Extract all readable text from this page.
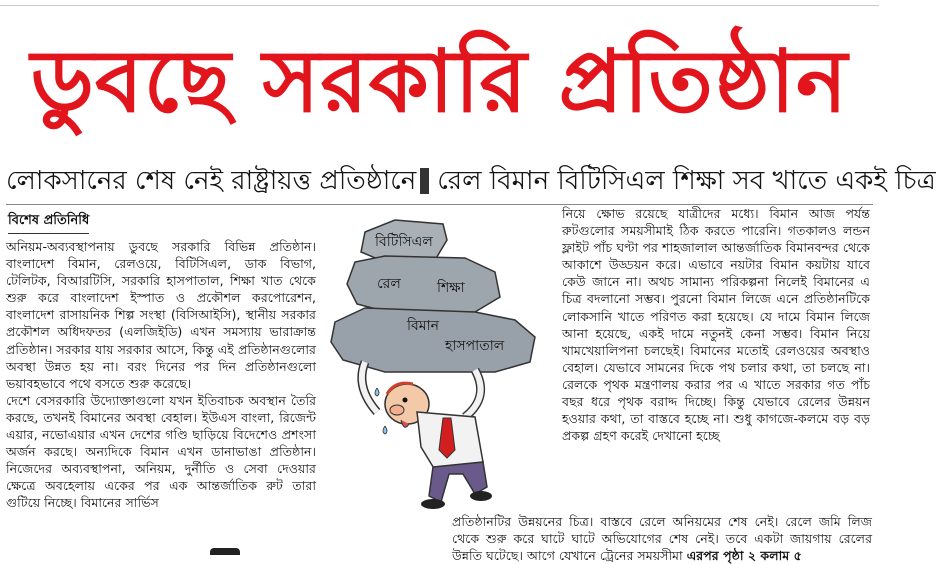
ডুবছে সরকারি প্রতিষ্ঠান
লোকসানের শেষ নেই রাষ্ট্রায়ত্ত প্রতিষ্ঠানে রেল বিমান বিটিসিএল শিক্ষা সব খাতে একই চিত্র
বিশেষ প্রতিনিধি

অনিয়ম-অব্যবস্থাপনায় ডুবছে সরকারি বিভিন্ন প্রতিষ্ঠান। বাংলাদেশ বিমান, রেলওয়ে, বিটিসিএল, ডাক বিভাগ, টেলিটক, বিআরটিসি, সরকারি হাসপাতাল, শিক্ষা খাত থেকে শুরু করে বাংলাদেশ ইস্পাত ও প্রকৌশল করপোরেশন, বাংলাদেশ রাসায়নিক শিল্প সংস্থা (বিসিআইসি), স্থানীয় সরকার প্রকৌশল অধিদফতর (এলজিইডি) এখন সমস্যায় ভারাক্রান্ত প্রতিষ্ঠান। সরকার যায় সরকার আসে, কিন্তু এই প্রতিষ্ঠানগুলোর অবস্থা উন্নত হয় না। বরং দিনের পর দিন প্রতিষ্ঠানগুলো ভয়াবহভাবে পথে বসতে শুরু করেছে।

দেশে বেসরকারি উদ্যোক্তাগুলো যখন ইতিবাচক অবস্থান তৈরি করছে, তখনই বিমানের অবস্থা বেহাল। ইউএস বাংলা, রিজেন্ট এয়ার, নভোএয়ার এখন দেশের গণ্ডি ছাড়িয়ে বিদেশেও প্রশংসা অর্জন করছে। অন্যদিকে বিমান এখন ডানাভাঙা প্রতিষ্ঠান। নিজেদের অব্যবস্থাপনা, অনিয়ম, দুর্নীতি ও সেবা দেওয়ার ক্ষেত্রে অবহেলায় একের পর এক আন্তর্জাতিক রুট তারা গুটিয়ে নিচ্ছে। বিমানের সার্ভিস

নিয়ে ক্ষোভ রয়েছে যাত্রীদের মধ্যে। বিমান আজ পর্যন্ত রুটগুলোর সময়সীমাই ঠিক করতে পারেনি। গতকালও লন্ডন ফ্লাইট পাঁচ ঘণ্টা পর শাহজালাল আন্তর্জাতিক বিমানবন্দর থেকে আকাশে উড্ডয়ন করে। এভাবে নয়টার বিমান কয়টায় যাবে কেউ জানে না। অথচ সামান্য পরিকল্পনা নিলেই বিমানের এ চিত্র বদলানো সম্ভব। পুরনো বিমান লিজে এনে প্রতিষ্ঠানটিকে লোকসানি খাতে পরিণত করা হয়েছে। যে দামে বিমান লিজে আনা হয়েছে, একই দামে নতুনই কেনা সম্ভব। বিমান নিয়ে খামখেয়ালিপনা চলছেই। বিমানের মতোই রেলওয়ের অবস্থাও বেহাল। যেভাবে সামনের দিকে পথ চলার কথা, তা চলছে না। রেলকে পৃথক মন্ত্রণালয় করার পর এ খাতে সরকার গত পাঁচ বছর ধরে পৃথক বরাদ্দ দিচ্ছে। কিন্তু যেভাবে রেলের উন্নয়ন হওয়ার কথা, তা বাস্তবে হচ্ছে না। শুধু কাগজে-কলমে বড় বড় প্রকল্প গ্রহণ করেই দেখানো হচ্ছে

প্রতিষ্ঠানটির উন্নয়নের চিত্র। বাস্তবে রেলে অনিয়মের শেষ নেই। রেলে জমি লিজ থেকে শুরু করে ঘাটে ঘাটে অভিযোগের শেষ নেই। তবে একটা জায়গায় রেলের উন্নতি ঘটেছে। আগে যেখানে ট্রেনের সময়সীমা এরপর পৃষ্ঠা ২ কলাম ৫
বিটিসিএল
রেল	শিক্ষা
বিমান
হাসপাতাল
